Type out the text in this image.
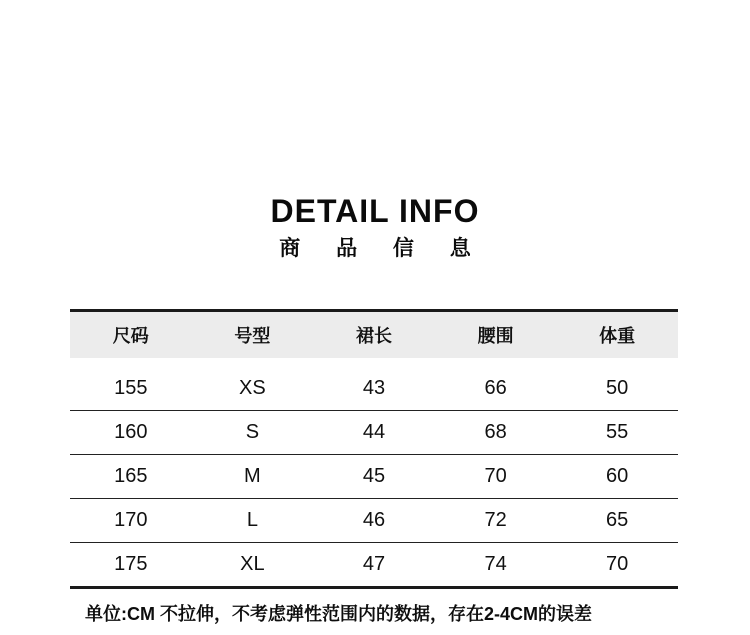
DETAIL INFO
商 品 信 息
尺码	号型	裙长	腰围	体重
155	XS	43	66	50
160	S	44	68	55
165	M	45	70	60
170	L	46	72	65
175	XL	47	74	70

单位:CM 不拉伸，不考虑弹性范围内的数据，存在2-4CM的误差
